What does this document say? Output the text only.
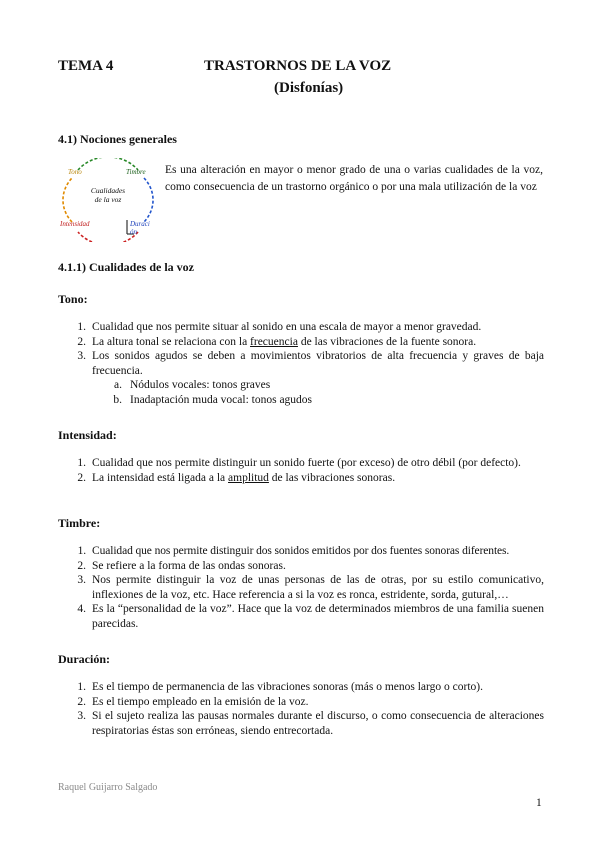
TEMA 4	TRASTORNOS DE LA VOZ
(Disfonías)
4.1) Nociones generales
Cualidades de la voz
Tono	Timbre
Intensidad	Duración
Es una alteración en mayor o menor grado de una o varias cualidades de la voz, como consecuencia de un trastorno orgánico o por una mala utilización de la voz
4.1.1) Cualidades de la voz
Tono:
1. Cualidad que nos permite situar al sonido en una escala de mayor a menor gravedad.
2. La altura tonal se relaciona con la frecuencia de las vibraciones de la fuente sonora.
3. Los sonidos agudos se deben a movimientos vibratorios de alta frecuencia y graves de baja frecuencia.
a. Nódulos vocales: tonos graves
b. Inadaptación muda vocal: tonos agudos
Intensidad:
1. Cualidad que nos permite distinguir un sonido fuerte (por exceso) de otro débil (por defecto).
2. La intensidad está ligada a la amplitud de las vibraciones sonoras.
Timbre:
1. Cualidad que nos permite distinguir dos sonidos emitidos por dos fuentes sonoras diferentes.
2. Se refiere a la forma de las ondas sonoras.
3. Nos permite distinguir la voz de unas personas de las de otras, por su estilo comunicativo, inflexiones de la voz, etc. Hace referencia a si la voz es ronca, estridente, sorda, gutural,…
4. Es la “personalidad de la voz”. Hace que la voz de determinados miembros de una familia suenen parecidas.
Duración:
1. Es el tiempo de permanencia de las vibraciones sonoras (más o menos largo o corto).
2. Es el tiempo empleado en la emisión de la voz.
3. Si el sujeto realiza las pausas normales durante el discurso, o como consecuencia de alteraciones respiratorias éstas son erróneas, siendo entrecortada.
Raquel Guijarro Salgado
1
